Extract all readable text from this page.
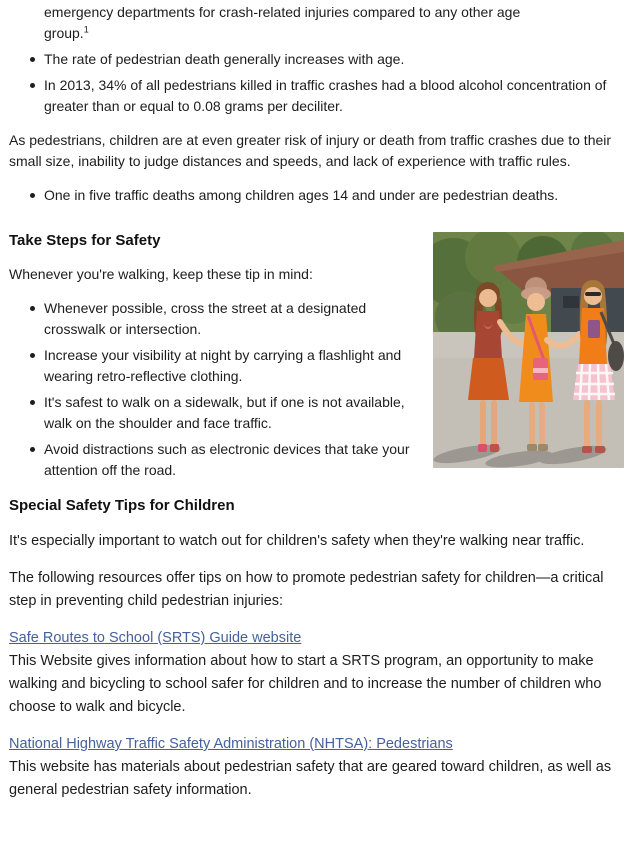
emergency departments for crash-related injuries compared to any other age group.$^1$
The rate of pedestrian death generally increases with age.
In 2013, 34% of all pedestrians killed in traffic crashes had a blood alcohol concentration of greater than or equal to 0.08 grams per deciliter.

As pedestrians, children are at even greater risk of injury or death from traffic crashes due to their small size, inability to judge distances and speeds, and lack of experience with traffic rules.

One in five traffic deaths among children ages 14 and under are pedestrian deaths.
Take Steps for Safety

Whenever you're walking, keep these tip in mind:

Whenever possible, cross the street at a designated crosswalk or intersection.
Increase your visibility at night by carrying a flashlight and wearing retro-reflective clothing.
It's safest to walk on a sidewalk, but if one is not available, walk on the shoulder and face traffic.
Avoid distractions such as electronic devices that take your attention off the road.
Special Safety Tips for Children

It's especially important to watch out for children's safety when they're walking near traffic.

The following resources offer tips on how to promote pedestrian safety for children—a critical step in preventing child pedestrian injuries:

Safe Routes to School (SRTS) Guide website
This Website gives information about how to start a SRTS program, an opportunity to make walking and bicycling to school safer for children and to increase the number of children who choose to walk and bicycle.

National Highway Traffic Safety Administration (NHTSA): Pedestrians
This website has materials about pedestrian safety that are geared toward children, as well as general pedestrian safety information.
